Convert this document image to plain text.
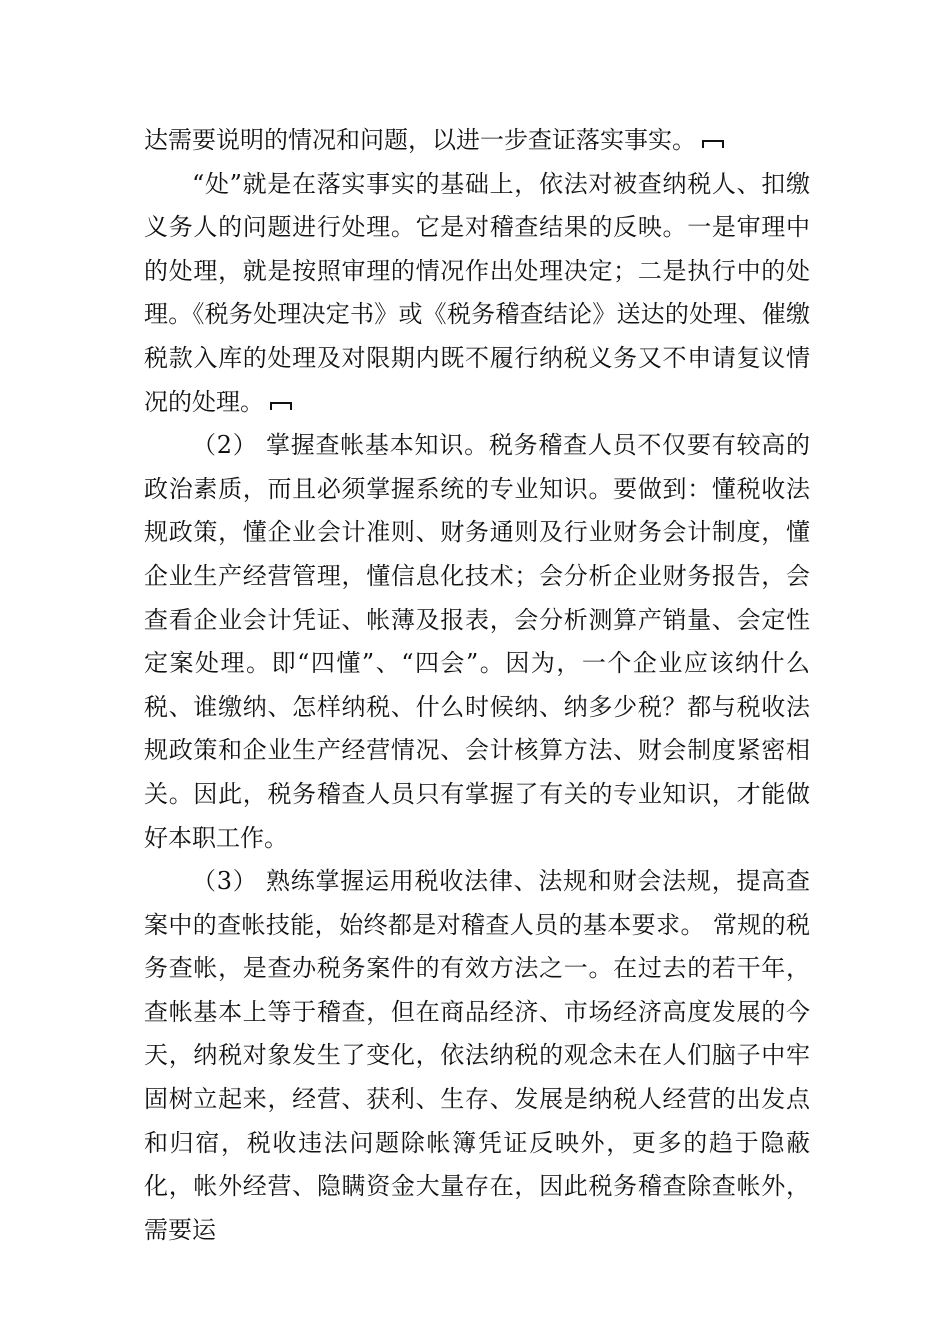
达需要说明的情况和问题，以进一步查证落实事实。

“处”就是在落实事实的基础上，依法对被查纳税人、扣缴义务人的问题进行处理。它是对稽查结果的反映。一是审理中的处理，就是按照审理的情况作出处理决定；二是执行中的处理。《税务处理决定书》或《税务稽查结论》送达的处理、催缴税款入库的处理及对限期内既不履行纳税义务又不申请复议情况的处理。

（2） 掌握查帐基本知识。税务稽查人员不仅要有较高的政治素质，而且必须掌握系统的专业知识。要做到：懂税收法规政策，懂企业会计准则、财务通则及行业财务会计制度，懂企业生产经营管理，懂信息化技术；会分析企业财务报告，会查看企业会计凭证、帐薄及报表，会分析测算产销量、会定性定案处理。即“四懂”、“四会”。因为，一个企业应该纳什么税、谁缴纳、怎样纳税、什么时候纳、纳多少税？都与税收法规政策和企业生产经营情况、会计核算方法、财会制度紧密相关。因此，税务稽查人员只有掌握了有关的专业知识，才能做好本职工作。

（3） 熟练掌握运用税收法律、法规和财会法规，提高查案中的查帐技能，始终都是对稽查人员的基本要求。 常规的税务查帐，是查办税务案件的有效方法之一。在过去的若干年，查帐基本上等于稽查，但在商品经济、市场经济高度发展的今天，纳税对象发生了变化，依法纳税的观念未在人们脑子中牢固树立起来，经营、获利、生存、发展是纳税人经营的出发点和归宿，税收违法问题除帐簿凭证反映外，更多的趋于隐蔽化，帐外经营、隐瞒资金大量存在，因此税务稽查除查帐外，需要运
